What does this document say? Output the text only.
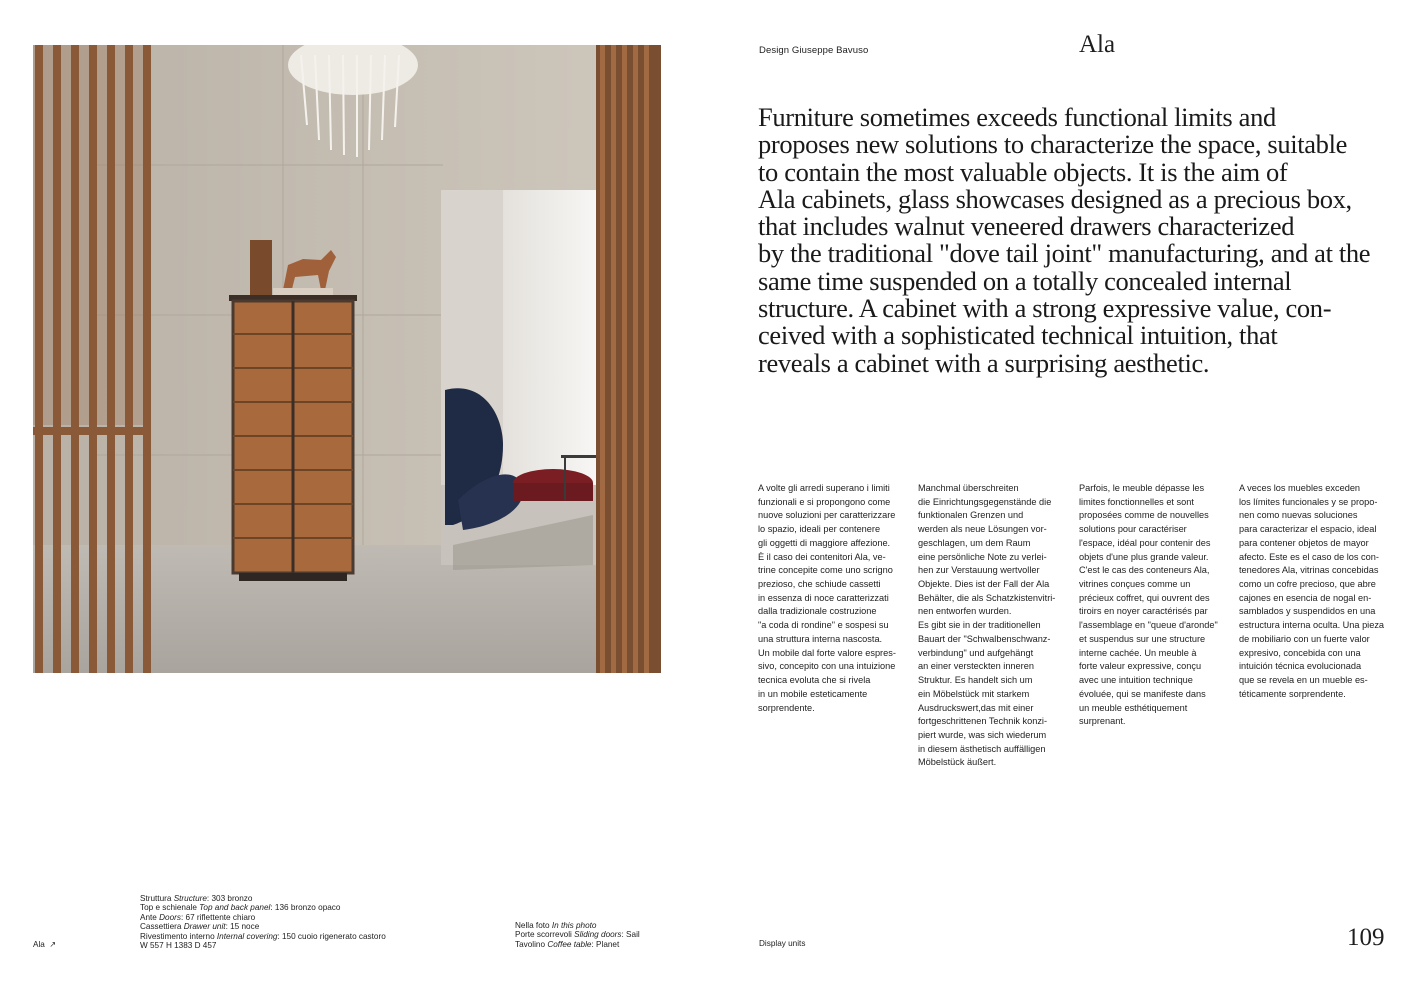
Design Giuseppe Bavuso	Ala

Furniture sometimes exceeds functional limits and
proposes new solutions to characterize the space, suitable
to contain the most valuable objects. It is the aim of
Ala cabinets, glass showcases designed as a precious box,
that includes walnut veneered drawers characterized
by the traditional "dove tail joint" manufacturing, and at the
same time suspended on a totally concealed internal
structure. A cabinet with a strong expressive value, con-
ceived with a sophisticated technical intuition, that
reveals a cabinet with a surprising aesthetic.

A volte gli arredi superano i limiti
funzionali e si propongono come
nuove soluzioni per caratterizzare
lo spazio, ideali per contenere
gli oggetti di maggiore affezione.
È il caso dei contenitori Ala, ve-
trine concepite come uno scrigno
prezioso, che schiude cassetti
in essenza di noce caratterizzati
dalla tradizionale costruzione
"a coda di rondine" e sospesi su
una struttura interna nascosta.
Un mobile dal forte valore espres-
sivo, concepito con una intuizione
tecnica evoluta che si rivela
in un mobile esteticamente
sorprendente.

Manchmal überschreiten
die Einrichtungsgegenstände die
funktionalen Grenzen und
werden als neue Lösungen vor-
geschlagen, um dem Raum
eine persönliche Note zu verlei-
hen zur Verstauung wertvoller
Objekte. Dies ist der Fall der Ala
Behälter, die als Schatzkistenvitri-
nen entworfen wurden.
Es gibt sie in der traditionellen
Bauart der "Schwalbenschwanz-
verbindung" und aufgehängt
an einer versteckten inneren
Struktur. Es handelt sich um
ein Möbelstück mit starkem
Ausdruckswert,das mit einer
fortgeschrittenen Technik konzi-
piert wurde, was sich wiederum
in diesem ästhetisch auffälligen
Möbelstück äußert.

Parfois, le meuble dépasse les
limites fonctionnelles et sont
proposées comme de nouvelles
solutions pour caractériser
l'espace, idéal pour contenir des
objets d'une plus grande valeur.
C'est le cas des conteneurs Ala,
vitrines conçues comme un
précieux coffret, qui ouvrent des
tiroirs en noyer caractérisés par
l'assemblage en "queue d'aronde"
et suspendus sur une structure
interne cachée. Un meuble à
forte valeur expressive, conçu
avec une intuition technique
évoluée, qui se manifeste dans
un meuble esthétiquement
surprenant.

A veces los muebles exceden
los límites funcionales y se propo-
nen como nuevas soluciones
para caracterizar el espacio, ideal
para contener objetos de mayor
afecto. Este es el caso de los con-
tenedores Ala, vitrinas concebidas
como un cofre precioso, que abre
cajones en esencia de nogal en-
samblados y suspendidos en una
estructura interna oculta. Una pieza
de mobiliario con un fuerte valor
expresivo, concebida con una
intuición técnica evolucionada
que se revela en un mueble es-
téticamente sorprendente.

Struttura Structure: 303 bronzo
Top e schienale Top and back panel: 136 bronzo opaco
Ante Doors: 67 riflettente chiaro
Cassettiera Drawer unit: 15 noce
Rivestimento interno Internal covering: 150 cuoio rigenerato castoro
W 557 H 1383 D 457
Nella foto In this photo
Porte scorrevoli Sliding doors: Sail
Tavolino Coffee table: Planet
Ala ↗	Display units	109
